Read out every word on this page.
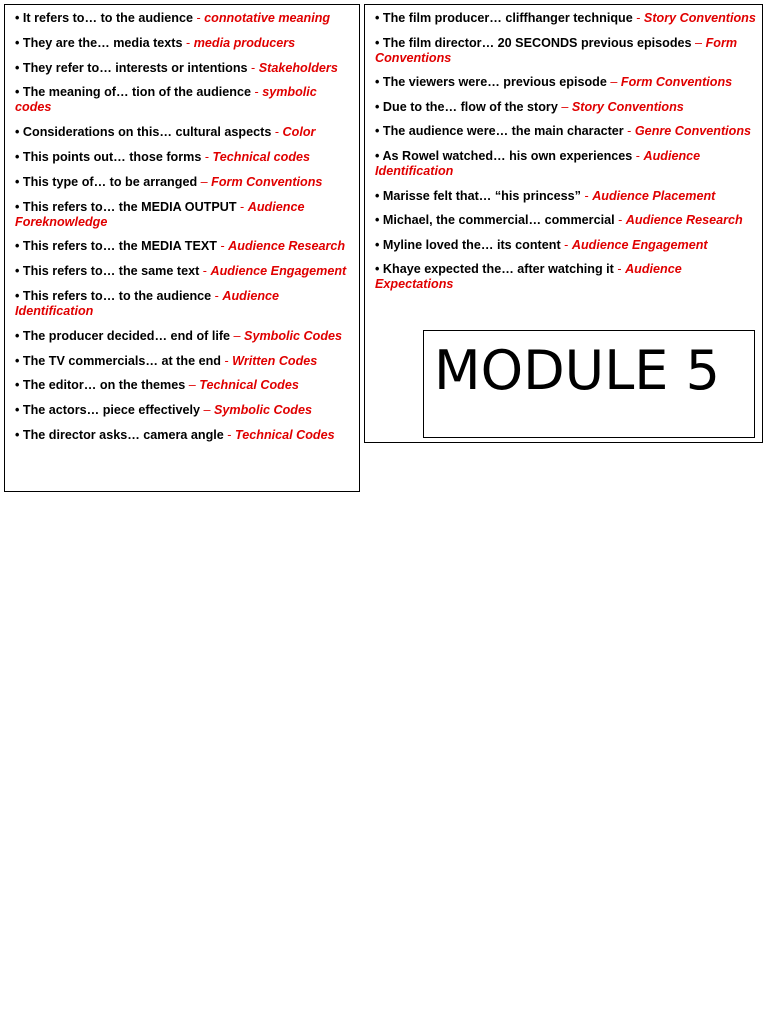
• It refers to… to the audience - connotative meaning
• They are the… media texts - media producers
• They refer to… interests or intentions - Stakeholders
• The meaning of… tion of the audience - symbolic codes
• Considerations on this… cultural aspects - Color
• This points out… those forms - Technical codes
• This type of… to be arranged – Form Conventions
• This refers to… the MEDIA OUTPUT - Audience Foreknowledge
• This refers to… the MEDIA TEXT - Audience Research
• This refers to… the same text - Audience Engagement
• This refers to… to the audience - Audience Identification
• The producer decided… end of life – Symbolic Codes
• The TV commercials… at the end - Written Codes
• The editor… on the themes – Technical Codes
• The actors… piece effectively – Symbolic Codes
• The director asks… camera angle - Technical Codes
• The film producer… cliffhanger technique - Story Conventions
• The film director… 20 SECONDS previous episodes – Form Conventions
• The viewers were… previous episode – Form Conventions
• Due to the… flow of the story – Story Conventions
• The audience were… the main character - Genre Conventions
• As Rowel watched… his own experiences - Audience Identification
• Marisse felt that… “his princess” - Audience Placement
• Michael, the commercial… commercial - Audience Research
• Myline loved the… its content - Audience Engagement
• Khaye expected the… after watching it - Audience Expectations
MODULE 5
